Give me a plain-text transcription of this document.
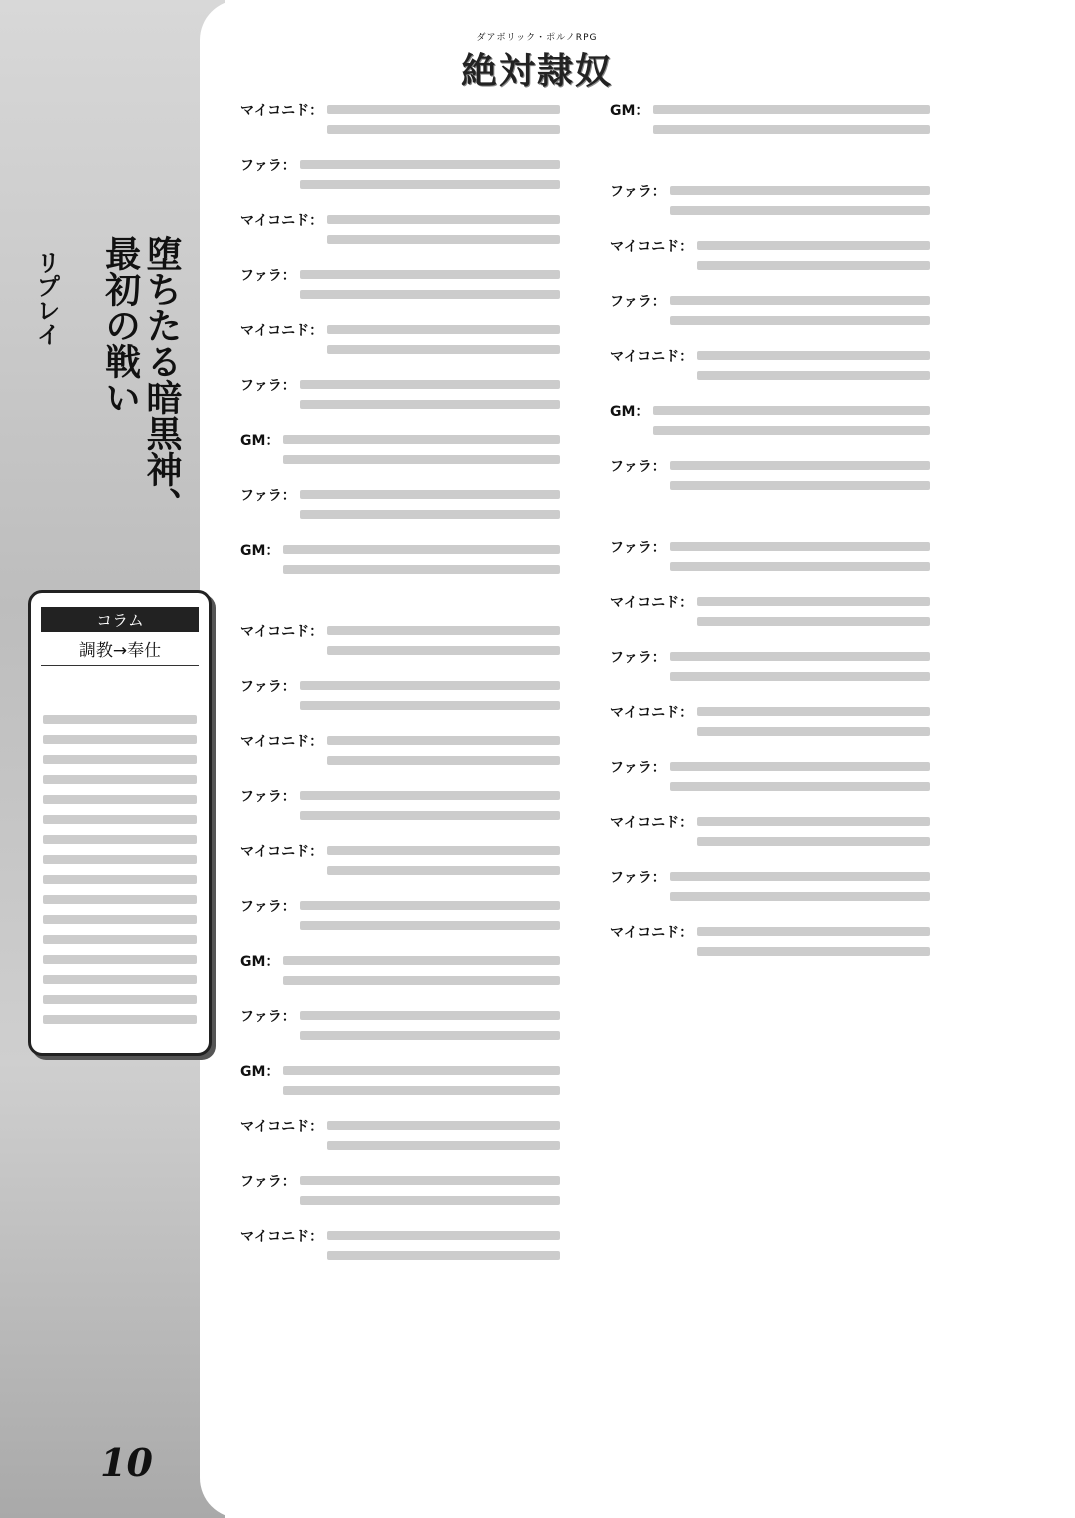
ダアボリック・ポルノRPG
絶対隷奴
堕ちたる暗黒神、最初の戦い
リプレイ
コラム
調教→奉仕
マイコニド：
ファラ：
マイコニド：
ファラ：
マイコニド：
ファラ：
GM：
ファラ：
GM：
マイコニド：
ファラ：
マイコニド：
ファラ：
マイコニド：
ファラ：
GM：
ファラ：
GM：
マイコニド：
ファラ：
マイコニド：
GM：
ファラ：
マイコニド：
ファラ：
マイコニド：
GM：
ファラ：
ファラ：
マイコニド：
ファラ：
マイコニド：
ファラ：
マイコニド：
ファラ：
マイコニド：
10
